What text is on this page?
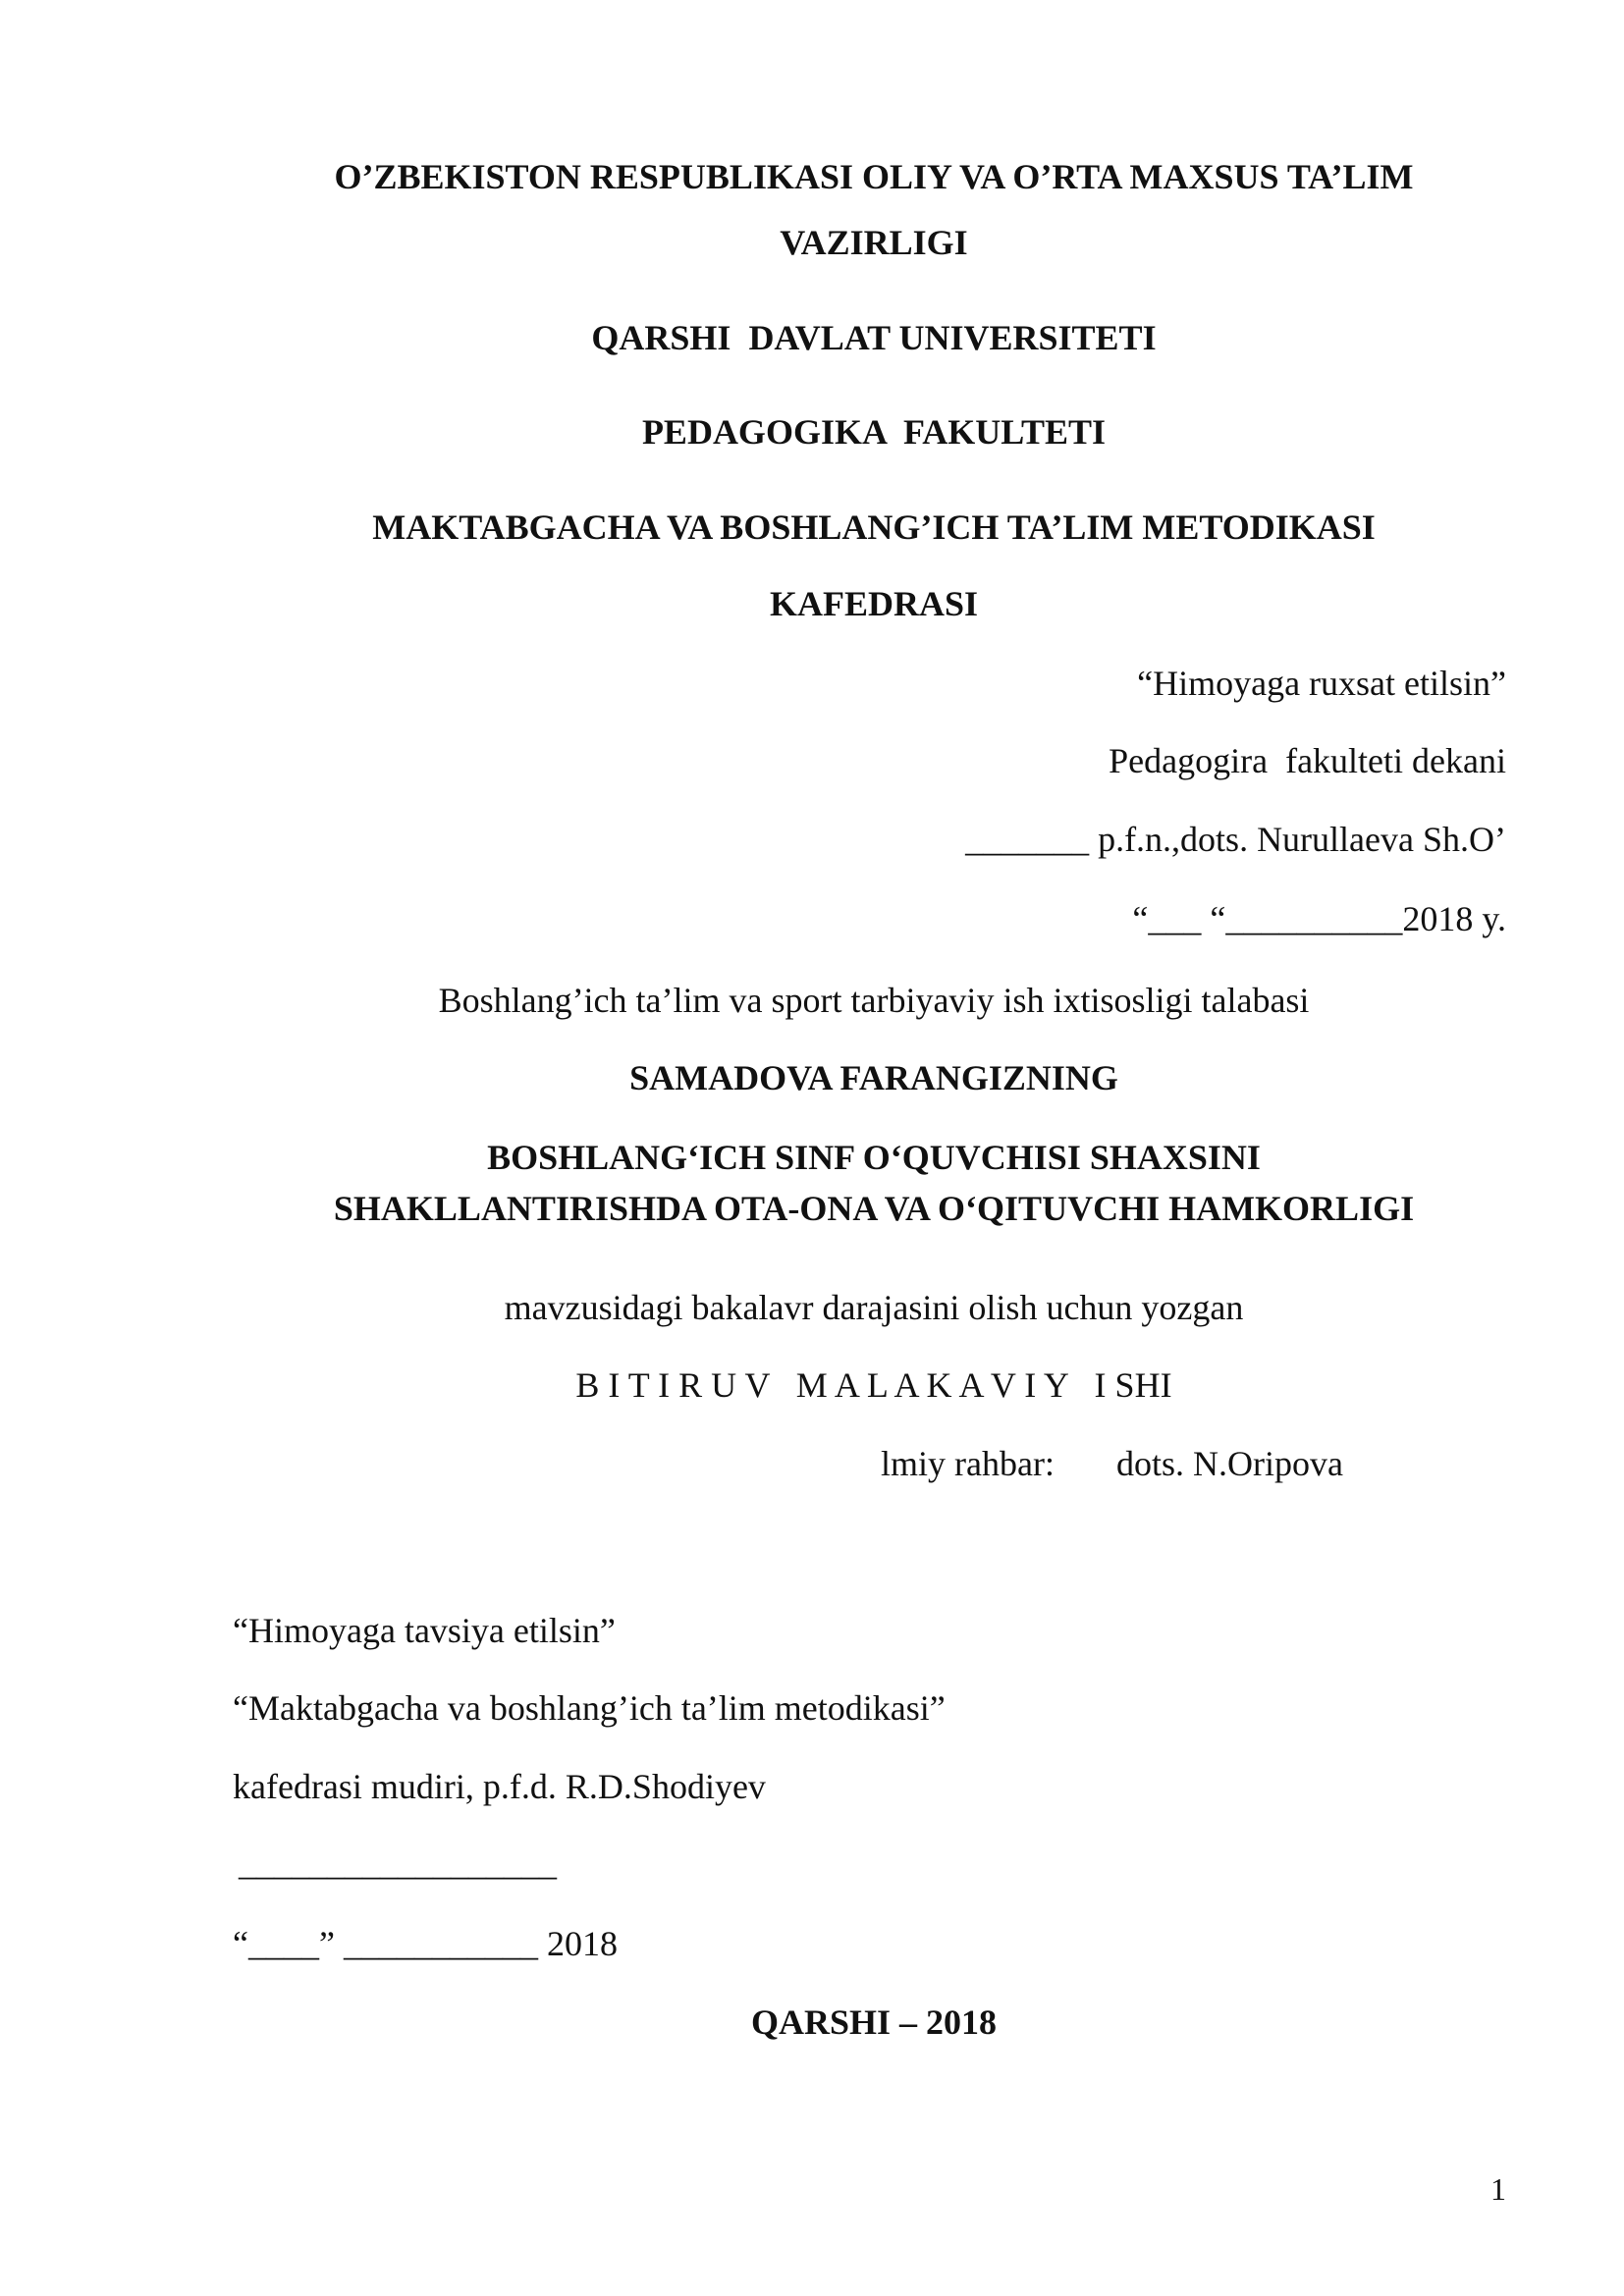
O’ZBEKISTON RESPUBLIKASI OLIY VA O’RTA MAXSUS TA’LIM
VAZIRLIGI
QARSHI  DAVLAT UNIVERSITETI
PEDAGOGIKA  FAKULTETI
MAKTABGACHA VA BOSHLANG’ICH TA’LIM METODIKASI
KAFEDRASI
“Himoyaga ruxsat etilsin”
Pedagogira  fakulteti dekani
_______ p.f.n.,dots. Nurullaeva Sh.O’
“___ “__________2018 y.
Boshlang’ich ta’lim va sport tarbiyaviy ish ixtisosligi talabasi
SAMADOVA FARANGIZNING
BOSHLANG‘ICH SINF O‘QUVCHISI SHAXSINI
SHAKLLANTIRISHDA OTA-ONA VA O‘QITUVCHI HAMKORLIGI
mavzusidagi bakalavr darajasini olish uchun yozgan
B I T I R U V   M A L A K A V I Y   I SHI
lmiy rahbar: dots. N.Oripova
“Himoyaga tavsiya etilsin”
“Maktabgacha va boshlang’ich ta’lim metodikasi”
kafedrasi mudiri, p.f.d. R.D.Shodiyev
__________________
“____” ___________ 2018
QARSHI – 2018
1
